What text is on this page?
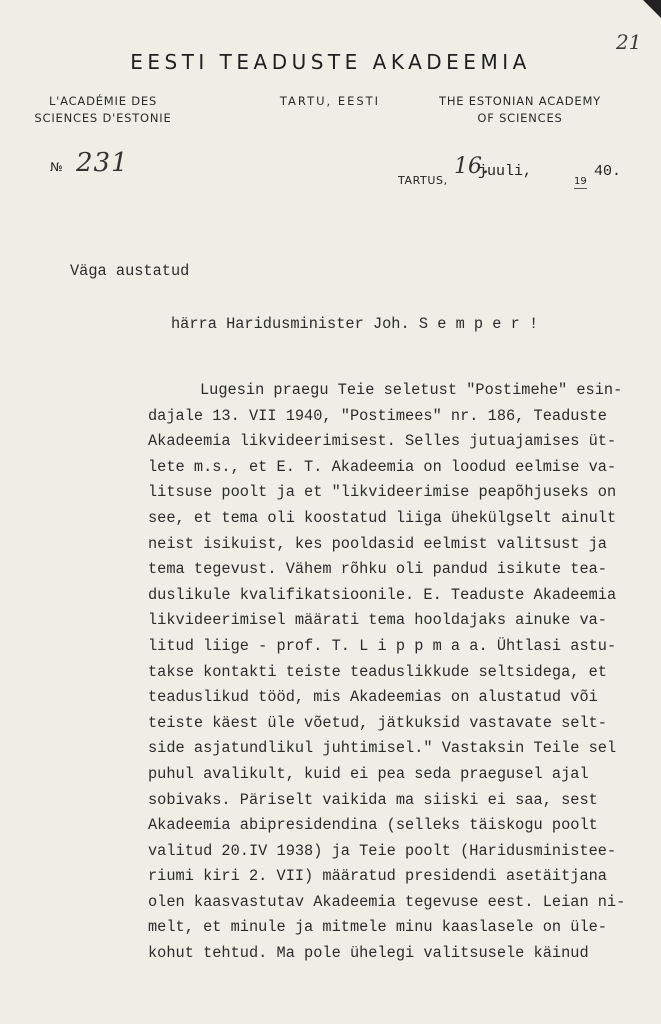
21
EESTI TEADUSTE AKADEEMIA
L'ACADÉMIE DES
SCIENCES D'ESTONIE
TARTU, EESTI	THE ESTONIAN ACADEMY
OF SCIENCES
№ 231
TARTUS,
16.
juuli,
19
40.
Väga austatud
härra Haridusminister Joh. S e m p e r !
Lugesin praegu Teie seletust "Postimehe" esin-
dajale 13. VII 1940, "Postimees" nr. 186, Teaduste
Akadeemia likvideerimisest. Selles jutuajamises üt-
lete m.s., et E. T. Akadeemia on loodud eelmise va-
litsuse poolt ja et "likvideerimise peapõhjuseks on
see, et tema oli koostatud liiga ühekülgselt ainult
neist isikuist, kes pooldasid eelmist valitsust ja
tema tegevust. Vähem rõhku oli pandud isikute tea-
duslikule kvalifikatsioonile. E. Teaduste Akadeemia
likvideerimisel määrati tema hooldajaks ainuke va-
litud liige - prof. T. L i p p m a a. Ühtlasi astu-
takse kontakti teiste teaduslikkude seltsidega, et
teaduslikud tööd, mis Akadeemias on alustatud või
teiste käest üle võetud, jätkuksid vastavate selt-
side asjatundlikul juhtimisel." Vastaksin Teile sel
puhul avalikult, kuid ei pea seda praegusel ajal
sobivaks. Päriselt vaikida ma siiski ei saa, sest
Akadeemia abipresidendina (selleks täiskogu poolt
valitud 20.IV 1938) ja Teie poolt (Haridusministee-
riumi kiri 2. VII) määratud presidendi asetäitjana
olen kaasvastutav Akadeemia tegevuse eest. Leian ni-
melt, et minule ja mitmele minu kaaslasele on üle-
kohut tehtud. Ma pole ühelegi valitsusele käinud
